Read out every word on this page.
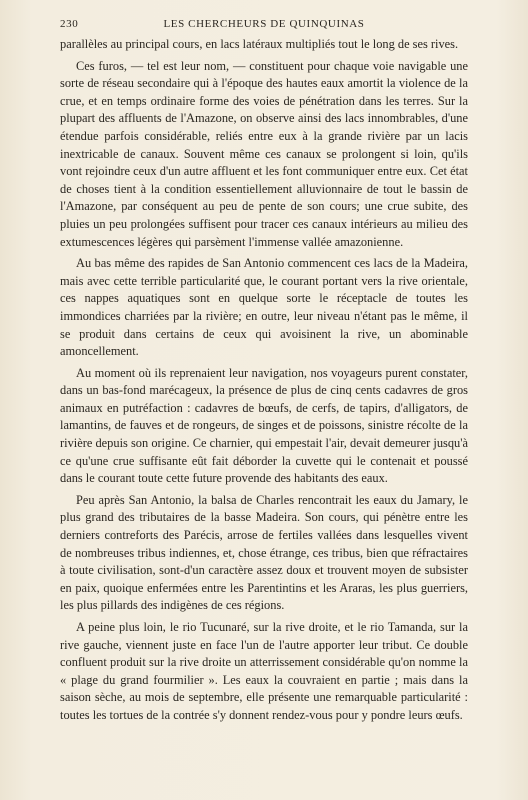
230	LES CHERCHEURS DE QUINQUINAS

parallèles au principal cours, en lacs latéraux multipliés tout le long de ses rives.

Ces furos, — tel est leur nom, — constituent pour chaque voie navigable une sorte de réseau secondaire qui à l'époque des hautes eaux amortit la violence de la crue, et en temps ordinaire forme des voies de pénétration dans les terres. Sur la plupart des affluents de l'Amazone, on observe ainsi des lacs innombrables, d'une étendue parfois considérable, reliés entre eux à la grande rivière par un lacis inextricable de canaux. Souvent même ces canaux se prolongent si loin, qu'ils vont rejoindre ceux d'un autre affluent et les font communiquer entre eux. Cet état de choses tient à la condition essentiellement alluvionnaire de tout le bassin de l'Amazone, par conséquent au peu de pente de son cours; une crue subite, des pluies un peu prolongées suffisent pour tracer ces canaux intérieurs au milieu des extumescences légères qui parsèment l'immense vallée amazonienne.

Au bas même des rapides de San Antonio commencent ces lacs de la Madeira, mais avec cette terrible particularité que, le courant portant vers la rive orientale, ces nappes aquatiques sont en quelque sorte le réceptacle de toutes les immondices charriées par la rivière; en outre, leur niveau n'étant pas le même, il se produit dans certains de ceux qui avoisinent la rive, un abominable amoncellement.

Au moment où ils reprenaient leur navigation, nos voyageurs purent constater, dans un bas-fond marécageux, la présence de plus de cinq cents cadavres de gros animaux en putréfaction : cadavres de bœufs, de cerfs, de tapirs, d'alligators, de lamantins, de fauves et de rongeurs, de singes et de poissons, sinistre récolte de la rivière depuis son origine. Ce charnier, qui empestait l'air, devait demeurer jusqu'à ce qu'une crue suffisante eût fait déborder la cuvette qui le contenait et poussé dans le courant toute cette future provende des habitants des eaux.

Peu après San Antonio, la balsa de Charles rencontrait les eaux du Jamary, le plus grand des tributaires de la basse Madeira. Son cours, qui pénètre entre les derniers contreforts des Parécis, arrose de fertiles vallées dans lesquelles vivent de nombreuses tribus indiennes, et, chose étrange, ces tribus, bien que réfractaires à toute civilisation, sont-d'un caractère assez doux et trouvent moyen de subsister en paix, quoique enfermées entre les Parentintins et les Araras, les plus guerriers, les plus pillards des indigènes de ces régions.

A peine plus loin, le rio Tucunaré, sur la rive droite, et le rio Tamanda, sur la rive gauche, viennent juste en face l'un de l'autre apporter leur tribut. Ce double confluent produit sur la rive droite un atterrissement considérable qu'on nomme la « plage du grand fourmilier ». Les eaux la couvraient en partie ; mais dans la saison sèche, au mois de septembre, elle présente une remarquable particularité : toutes les tortues de la contrée s'y donnent rendez-vous pour y pondre leurs œufs.
